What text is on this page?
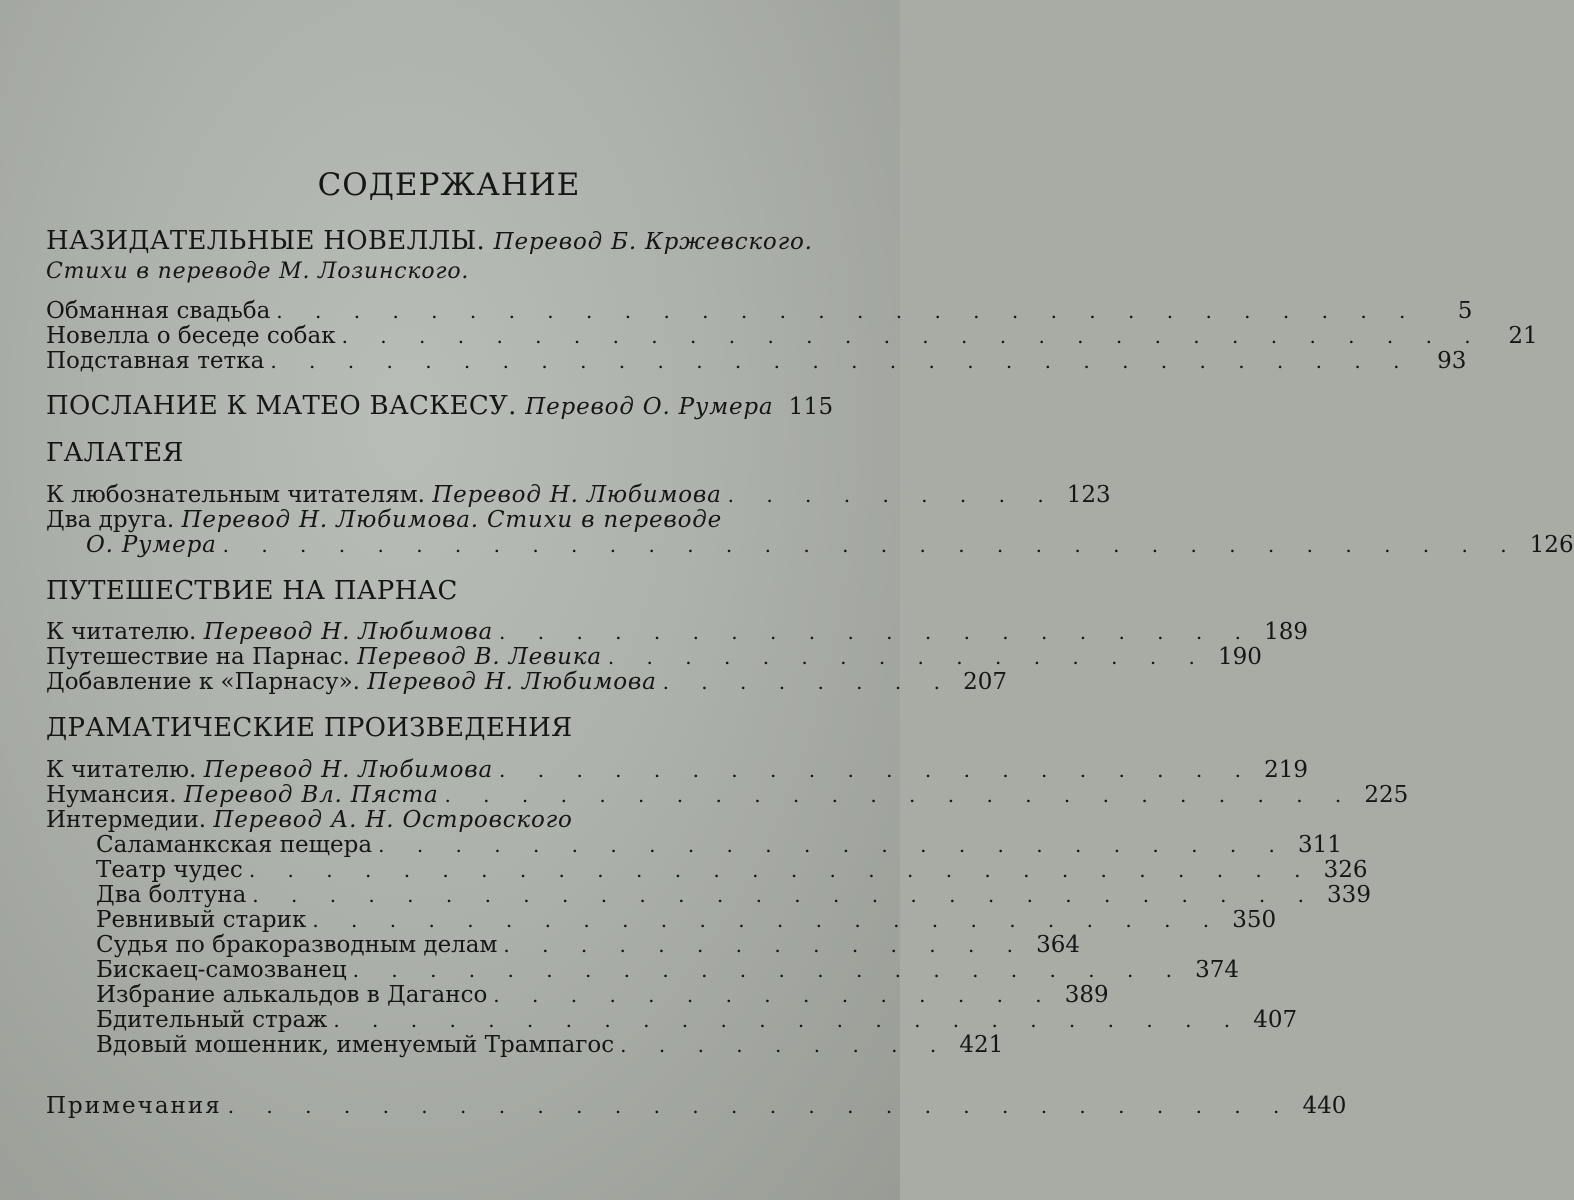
СОДЕРЖАНИЕ
НАЗИДАТЕЛЬНЫЕ НОВЕЛЛЫ. Перевод Б. Кржевского.
Стихи в переводе М. Лозинского.
Обманная свадьба . . . . . . . . . . . . . . . . . . . . . . . . . . . . . .	5
Новелла о беседе собак . . . . . . . . . . . . . . . . . . . . . . . . . . . . . .	21
Подставная тетка . . . . . . . . . . . . . . . . . . . . . . . . . . . . . .	93
ПОСЛАНИЕ К МАТЕО ВАСКЕСУ. Перевод О. Румера 115
ГАЛАТЕЯ
К любознательным читателям. Перевод Н. Любимова . . . . . . . . . 123
Два друга. Перевод Н. Любимова. Стихи в переводе
О. Румера . . . . . . . . . . . . . . . . . . . . . . . . . . . . . . . . . . 126
ПУТЕШЕСТВИЕ НА ПАРНАС
К читателю. Перевод Н. Любимова . . . . . . . . . . . . . . . . . . . . 189
Путешествие на Парнас. Перевод В. Левика . . . . . . . . . . . . . . . . 190
Добавление к «Парнасу». Перевод Н. Любимова . . . . . . . . 207
ДРАМАТИЧЕСКИЕ ПРОИЗВЕДЕНИЯ
К читателю. Перевод Н. Любимова . . . . . . . . . . . . . . . . . . . . 219
Нумансия. Перевод Вл. Пяста . . . . . . . . . . . . . . . . . . . . . . . . 225
Интермедии. Перевод А. Н. Островского
Саламанкская пещера . . . . . . . . . . . . . . . . . . . . . . . . 311
Театр чудес . . . . . . . . . . . . . . . . . . . . . . . . . . . . 326
Два болтуна . . . . . . . . . . . . . . . . . . . . . . . . . . . . 339
Ревнивый старик . . . . . . . . . . . . . . . . . . . . . . . . 350
Судья по бракоразводным делам . . . . . . . . . . . . . . 364
Бискаец-самозванец . . . . . . . . . . . . . . . . . . . . . . 374
Избрание алькальдов в Дагансо . . . . . . . . . . . . . . . 389
Бдительный страж . . . . . . . . . . . . . . . . . . . . . . . . 407
Вдовый мошенник, именуемый Трампагос . . . . . . . . . 421
Примечания . . . . . . . . . . . . . . . . . . . . . . . . . . . . 440
